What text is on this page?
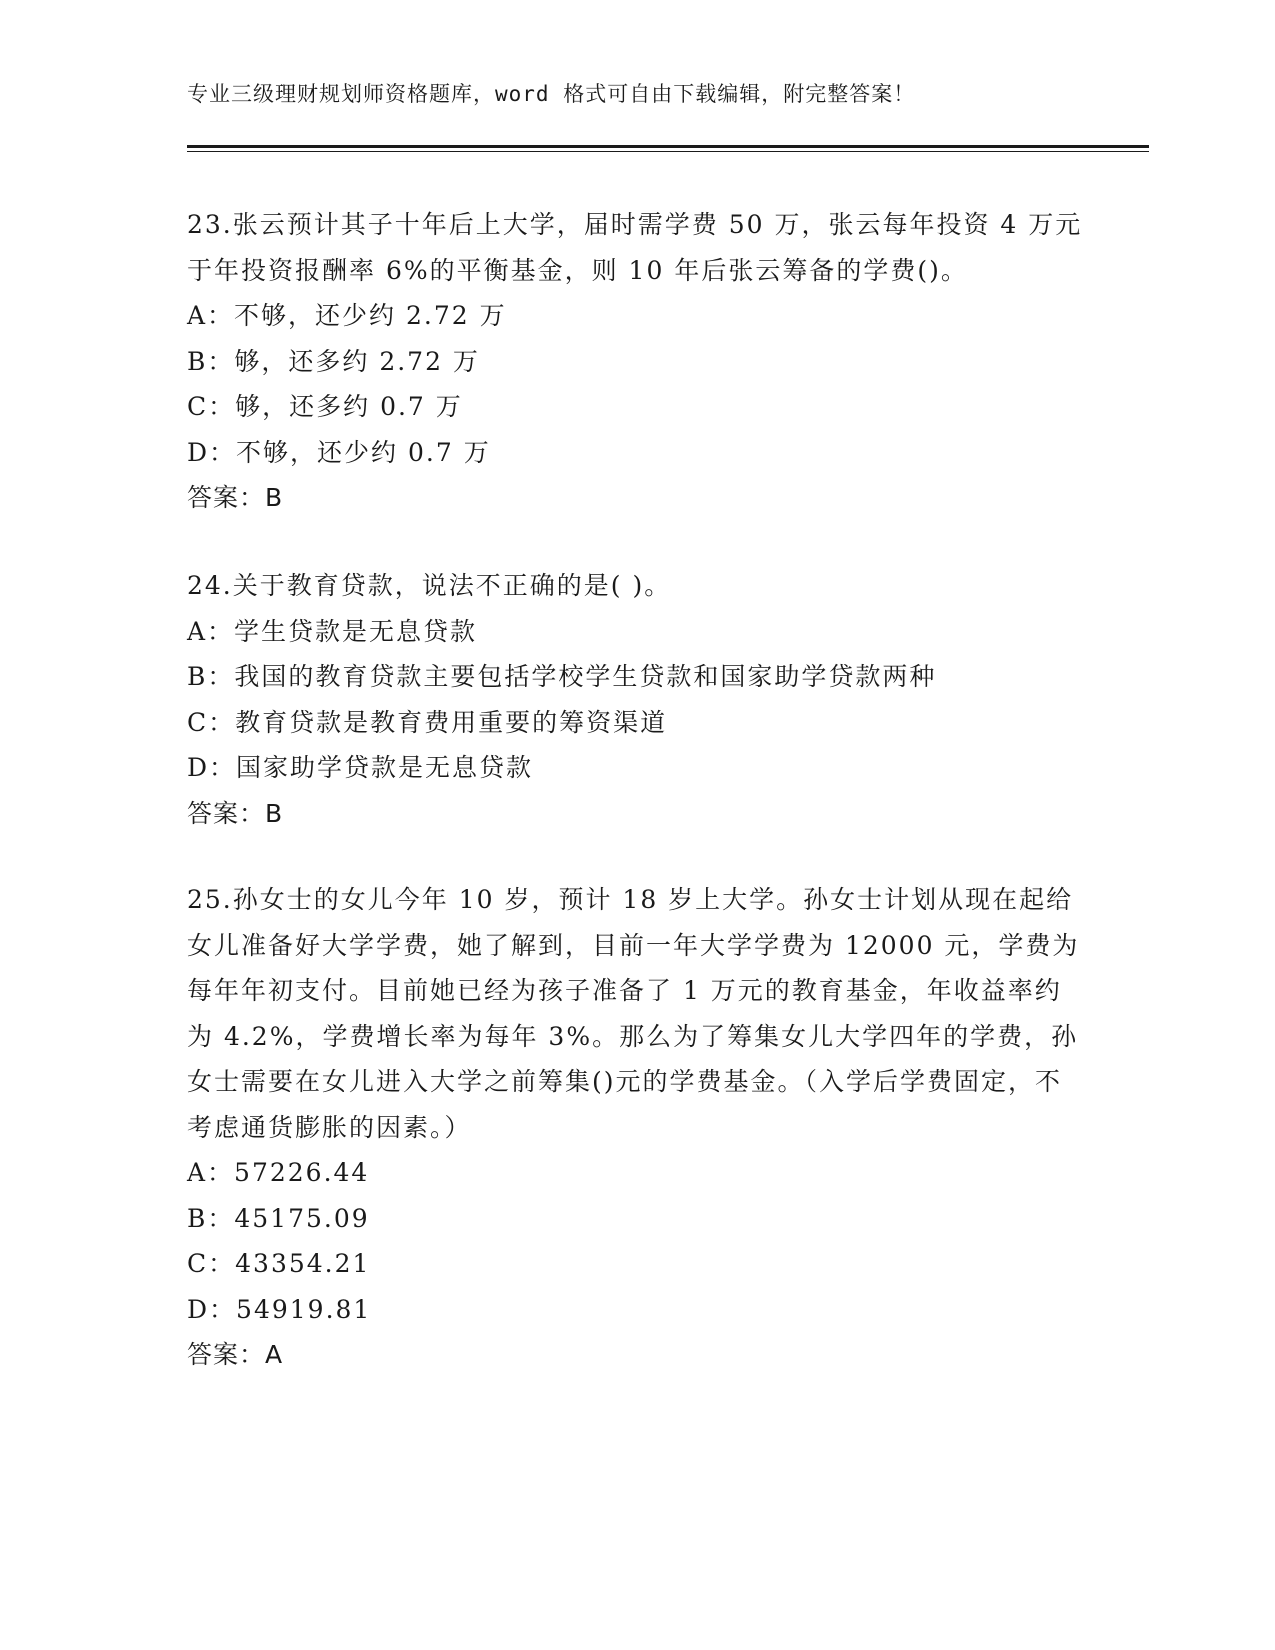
专业三级理财规划师资格题库，word 格式可自由下载编辑，附完整答案！

23.张云预计其子十年后上大学，届时需学费 50 万，张云每年投资 4 万元于年投资报酬率 6%的平衡基金，则 10 年后张云筹备的学费()。

A：不够，还少约 2.72 万

B：够，还多约 2.72 万

C：够，还多约 0.7 万

D：不够，还少约 0.7 万

答案：B

24.关于教育贷款，说法不正确的是( )。

A：学生贷款是无息贷款

B：我国的教育贷款主要包括学校学生贷款和国家助学贷款两种

C：教育贷款是教育费用重要的筹资渠道

D：国家助学贷款是无息贷款

答案：B

25.孙女士的女儿今年 10 岁，预计 18 岁上大学。孙女士计划从现在起给女儿准备好大学学费，她了解到，目前一年大学学费为 12000 元，学费为每年年初支付。目前她已经为孩子准备了 1 万元的教育基金，年收益率约为 4.2%，学费增长率为每年 3%。那么为了筹集女儿大学四年的学费，孙女士需要在女儿进入大学之前筹集()元的学费基金。（入学后学费固定，不考虑通货膨胀的因素。）

A：57226.44

B：45175.09

C：43354.21

D：54919.81

答案：A
